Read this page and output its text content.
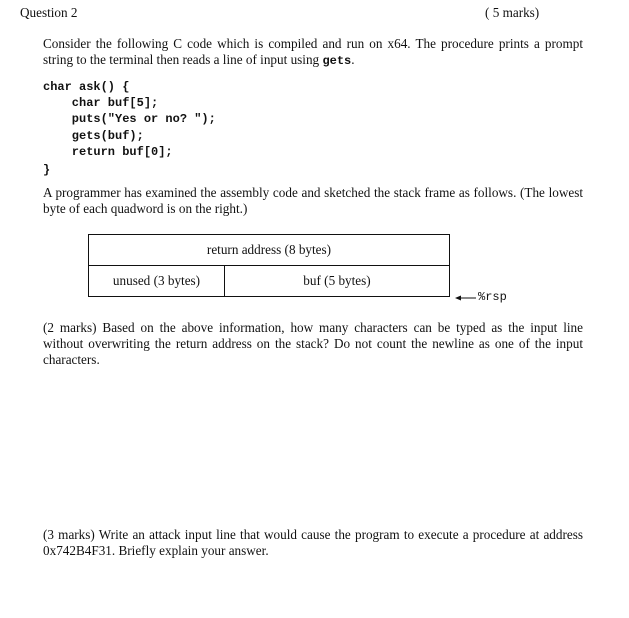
Question 2	( 5 marks)
Consider the following C code which is compiled and run on x64. The procedure prints a prompt string to the terminal then reads a line of input using gets.
char ask() {
char buf[5];
puts("Yes or no? ");
gets(buf);
return buf[0];
}
A programmer has examined the assembly code and sketched the stack frame as follows. (The lowest byte of each quadword is on the right.)
return address (8 bytes)
unused (3 bytes)	buf (5 bytes)
%rsp
(2 marks) Based on the above information, how many characters can be typed as the input line without overwriting the return address on the stack? Do not count the newline as one of the input characters.
(3 marks) Write an attack input line that would cause the program to execute a procedure at address 0x742B4F31. Briefly explain your answer.
